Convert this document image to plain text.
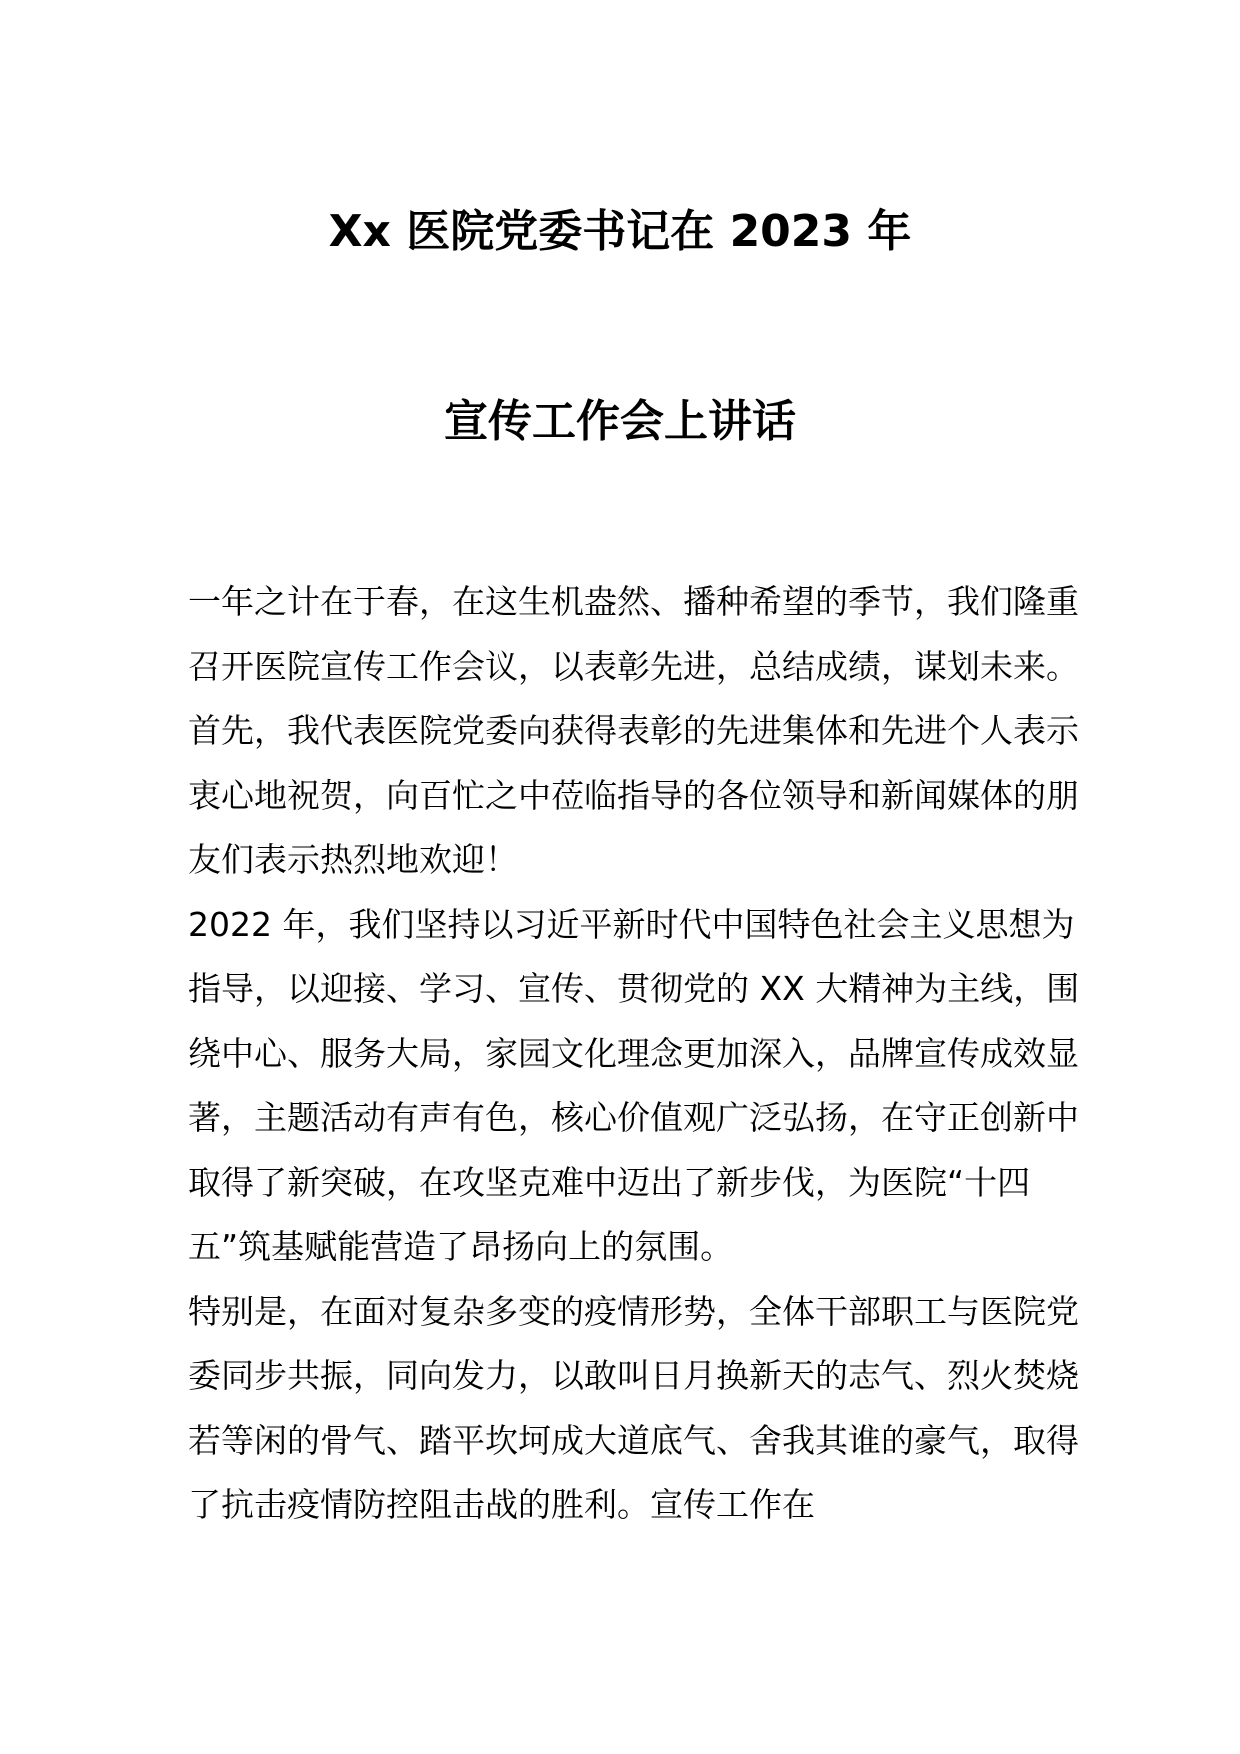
Xx 医院党委书记在 2023 年
宣传工作会上讲话

一年之计在于春，在这生机盎然、播种希望的季节，我们隆重召开医院宣传工作会议，以表彰先进，总结成绩，谋划未来。首先，我代表医院党委向获得表彰的先进集体和先进个人表示衷心地祝贺，向百忙之中莅临指导的各位领导和新闻媒体的朋友们表示热烈地欢迎！

2022 年，我们坚持以习近平新时代中国特色社会主义思想为指导，以迎接、学习、宣传、贯彻党的 XX 大精神为主线，围绕中心、服务大局，家园文化理念更加深入，品牌宣传成效显著，主题活动有声有色，核心价值观广泛弘扬，在守正创新中取得了新突破，在攻坚克难中迈出了新步伐，为医院“十四五”筑基赋能营造了昂扬向上的氛围。

特别是，在面对复杂多变的疫情形势，全体干部职工与医院党委同步共振，同向发力，以敢叫日月换新天的志气、烈火焚烧若等闲的骨气、踏平坎坷成大道底气、舍我其谁的豪气，取得了抗击疫情防控阻击战的胜利。宣传工作在
